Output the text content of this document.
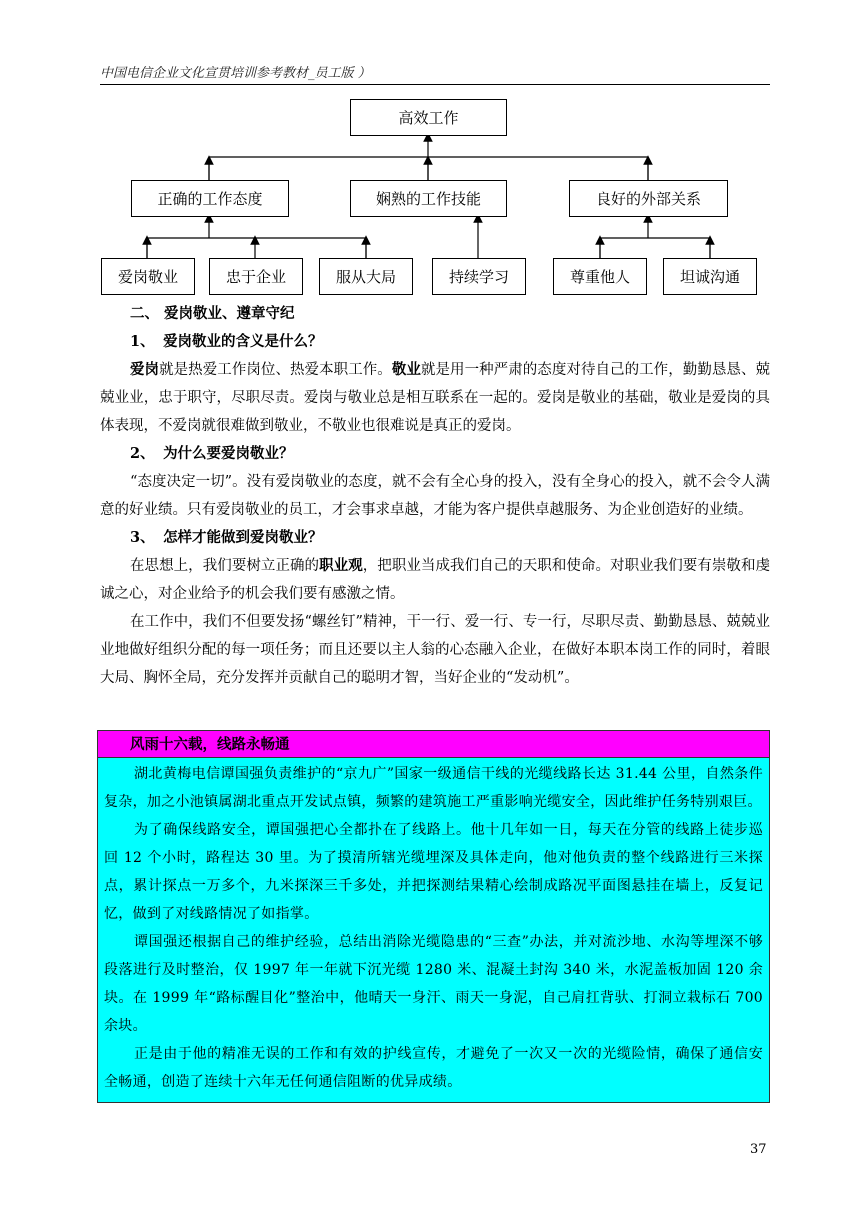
中国电信企业文化宣贯培训参考教材_员工版 ）
高效工作
正确的工作态度	娴熟的工作技能	良好的外部关系
爱岗敬业	忠于企业	服从大局	持续学习	尊重他人	坦诚沟通
二、 爱岗敬业、遵章守纪
1、 爱岗敬业的含义是什么？
爱岗就是热爱工作岗位、热爱本职工作。敬业就是用一种严肃的态度对待自己的工作，勤勤恳恳、兢兢业业，忠于职守，尽职尽责。爱岗与敬业总是相互联系在一起的。爱岗是敬业的基础，敬业是爱岗的具体表现，不爱岗就很难做到敬业，不敬业也很难说是真正的爱岗。
2、 为什么要爱岗敬业？
“态度决定一切”。没有爱岗敬业的态度，就不会有全心身的投入，没有全身心的投入，就不会令人满意的好业绩。只有爱岗敬业的员工，才会事求卓越，才能为客户提供卓越服务、为企业创造好的业绩。
3、 怎样才能做到爱岗敬业？
在思想上，我们要树立正确的职业观，把职业当成我们自己的天职和使命。对职业我们要有崇敬和虔诚之心，对企业给予的机会我们要有感激之情。
在工作中，我们不但要发扬“螺丝钉”精神，干一行、爱一行、专一行，尽职尽责、勤勤恳恳、兢兢业业地做好组织分配的每一项任务；而且还要以主人翁的心态融入企业，在做好本职本岗工作的同时，着眼大局、胸怀全局，充分发挥并贡献自己的聪明才智，当好企业的“发动机”。
风雨十六载，线路永畅通
湖北黄梅电信谭国强负责维护的“京九广”国家一级通信干线的光缆线路长达 31.44 公里，自然条件复杂，加之小池镇属湖北重点开发试点镇，频繁的建筑施工严重影响光缆安全，因此维护任务特别艰巨。
为了确保线路安全，谭国强把心全都扑在了线路上。他十几年如一日，每天在分管的线路上徒步巡回 12 个小时，路程达 30 里。为了摸清所辖光缆埋深及具体走向，他对他负责的整个线路进行三米探点，累计探点一万多个，九米探深三千多处，并把探测结果精心绘制成路况平面图悬挂在墙上，反复记忆，做到了对线路情况了如指掌。
谭国强还根据自己的维护经验，总结出消除光缆隐患的“三查”办法，并对流沙地、水沟等埋深不够段落进行及时整治，仅 1997 年一年就下沉光缆 1280 米、混凝土封沟 340 米，水泥盖板加固 120 余块。在 1999 年“路标醒目化”整治中，他晴天一身汗、雨天一身泥，自己肩扛背驮、打洞立栽标石 700 余块。
正是由于他的精准无误的工作和有效的护线宣传，才避免了一次又一次的光缆险情，确保了通信安全畅通，创造了连续十六年无任何通信阻断的优异成绩。
37
